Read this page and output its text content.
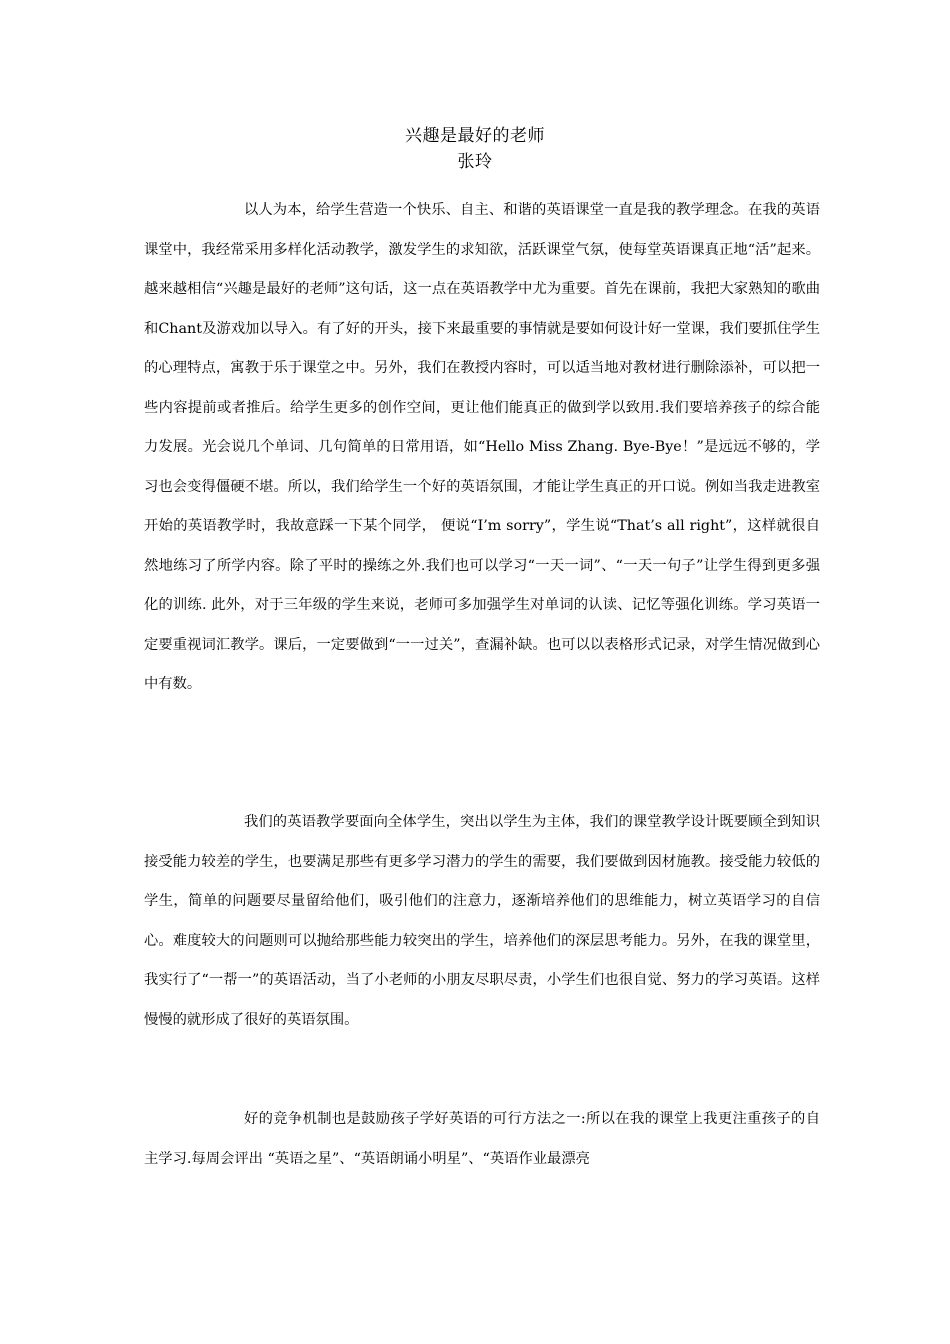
兴趣是最好的老师
张玲

以人为本，给学生营造一个快乐、自主、和谐的英语课堂一直是我的教学理念。在我的英语课堂中，我经常采用多样化活动教学，激发学生的求知欲，活跃课堂气氛，使每堂英语课真正地“活”起来。 越来越相信“兴趣是最好的老师”这句话，这一点在英语教学中尤为重要。首先在课前，我把大家熟知的歌曲和Chant及游戏加以导入。有了好的开头，接下来最重要的事情就是要如何设计好一堂课，我们要抓住学生的心理特点，寓教于乐于课堂之中。另外，我们在教授内容时，可以适当地对教材进行删除添补，可以把一些内容提前或者推后。给学生更多的创作空间，更让他们能真正的做到学以致用.我们要培养孩子的综合能力发展。光会说几个单词、几句简单的日常用语，如“Hello Miss Zhang. Bye-Bye！”是远远不够的，学习也会变得僵硬不堪。所以，我们给学生一个好的英语氛围，才能让学生真正的开口说。例如当我走进教室开始的英语教学时，我故意踩一下某个同学， 便说“I’m sorry”，学生说“That’s all right”，这样就很自然地练习了所学内容。除了平时的操练之外.我们也可以学习“一天一词”、“一天一句子”让学生得到更多强化的训练. 此外，对于三年级的学生来说，老师可多加强学生对单词的认读、记忆等强化训练。学习英语一定要重视词汇教学。课后，一定要做到“一一过关”，查漏补缺。也可以以表格形式记录，对学生情况做到心中有数。

我们的英语教学要面向全体学生，突出以学生为主体，我们的课堂教学设计既要顾全到知识接受能力较差的学生，也要满足那些有更多学习潜力的学生的需要，我们要做到因材施教。接受能力较低的学生，简单的问题要尽量留给他们，吸引他们的注意力，逐渐培养他们的思维能力，树立英语学习的自信心。难度较大的问题则可以抛给那些能力较突出的学生，培养他们的深层思考能力。另外，在我的课堂里，我实行了“一帮一”的英语活动，当了小老师的小朋友尽职尽责，小学生们也很自觉、努力的学习英语。这样慢慢的就形成了很好的英语氛围。

好的竞争机制也是鼓励孩子学好英语的可行方法之一:所以在我的课堂上我更注重孩子的自主学习.每周会评出 “英语之星”、“英语朗诵小明星”、“英语作业最漂亮
